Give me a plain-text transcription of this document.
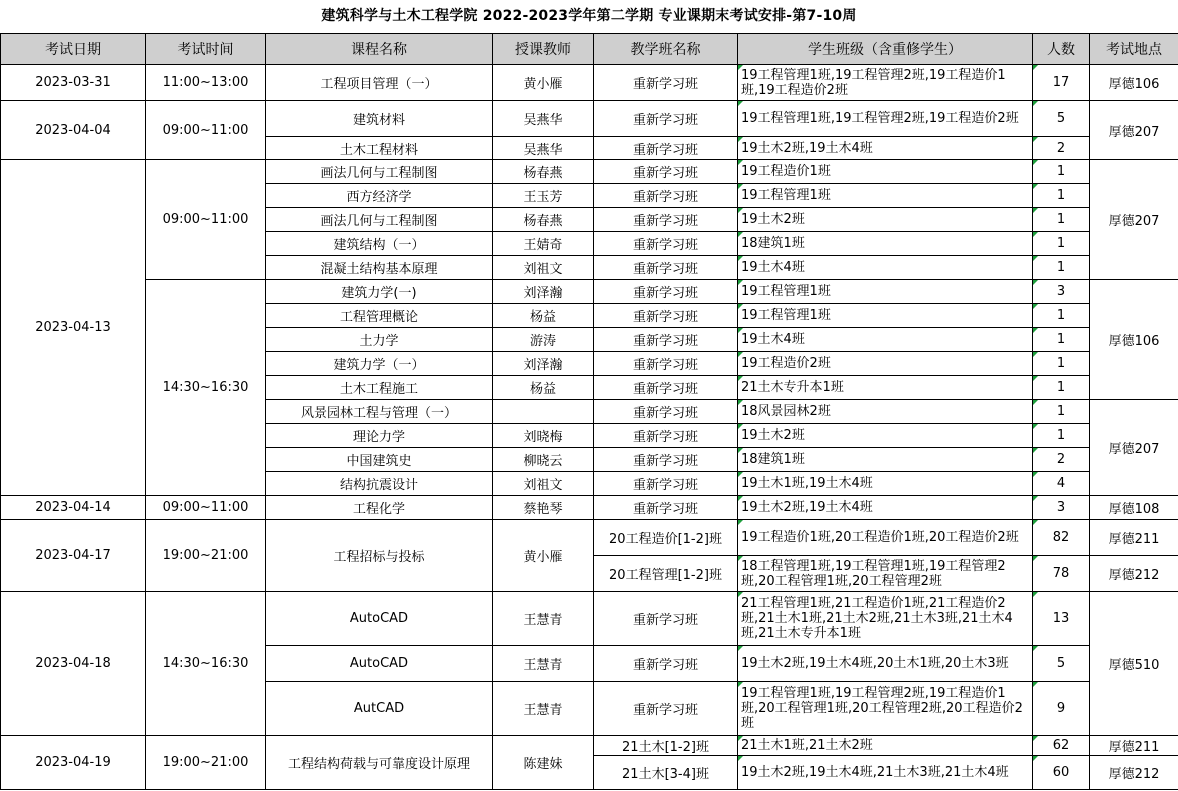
建筑科学与土木工程学院 2022-2023学年第二学期 专业课期末考试安排-第7-10周
考试日期	考试时间	课程名称	授课教师	教学班名称	学生班级（含重修学生）	人数	考试地点
2023-03-31	11:00~13:00	工程项目管理（一）	黄小雁	重新学习班	19工程管理1班,19工程管理2班,19工程造价1班,19工程造价2班	17	厚德106
2023-04-04	09:00~11:00	建筑材料	吴燕华	重新学习班	19工程管理1班,19工程管理2班,19工程造价2班	5	厚德207
		土木工程材料	吴燕华	重新学习班	19土木2班,19土木4班	2	
2023-04-13	09:00~11:00	画法几何与工程制图	杨春燕	重新学习班	19工程造价1班	1	厚德207
		西方经济学	王玉芳	重新学习班	19工程管理1班	1	
		画法几何与工程制图	杨春燕	重新学习班	19土木2班	1	
		建筑结构（一）	王婧奇	重新学习班	18建筑1班	1	
		混凝土结构基本原理	刘祖文	重新学习班	19土木4班	1	
	14:30~16:30	建筑力学(一)	刘泽瀚	重新学习班	19工程管理1班	3	厚德106
		工程管理概论	杨益	重新学习班	19工程管理1班	1	
		土力学	游涛	重新学习班	19土木4班	1	
		建筑力学（一）	刘泽瀚	重新学习班	19工程造价2班	1	
		土木工程施工	杨益	重新学习班	21土木专升本1班	1	
		风景园林工程与管理（一）		重新学习班	18风景园林2班	1	厚德207
		理论力学	刘晓梅	重新学习班	19土木2班	1	
		中国建筑史	柳晓云	重新学习班	18建筑1班	2	
		结构抗震设计	刘祖文	重新学习班	19土木1班,19土木4班	4	
2023-04-14	09:00~11:00	工程化学	蔡艳琴	重新学习班	19土木2班,19土木4班	3	厚德108
2023-04-17	19:00~21:00	工程招标与投标	黄小雁	20工程造价[1-2]班	19工程造价1班,20工程造价1班,20工程造价2班	82	厚德211
				20工程管理[1-2]班	18工程管理1班,19工程管理1班,19工程管理2班,20工程管理1班,20工程管理2班	78	厚德212
2023-04-18	14:30~16:30	AutoCAD	王慧青	重新学习班	21工程管理1班,21工程造价1班,21工程造价2班,21土木1班,21土木2班,21土木3班,21土木4班,21土木专升本1班	13	厚德510
		AutoCAD	王慧青	重新学习班	19土木2班,19土木4班,20土木1班,20土木3班	5	
		AutCAD	王慧青	重新学习班	19工程管理1班,19工程管理2班,19工程造价1班,20工程管理1班,20工程管理2班,20工程造价2班	9	
2023-04-19	19:00~21:00	工程结构荷载与可靠度设计原理	陈建妹	21土木[1-2]班	21土木1班,21土木2班	62	厚德211
				21土木[3-4]班	19土木2班,19土木4班,21土木3班,21土木4班	60	厚德212
